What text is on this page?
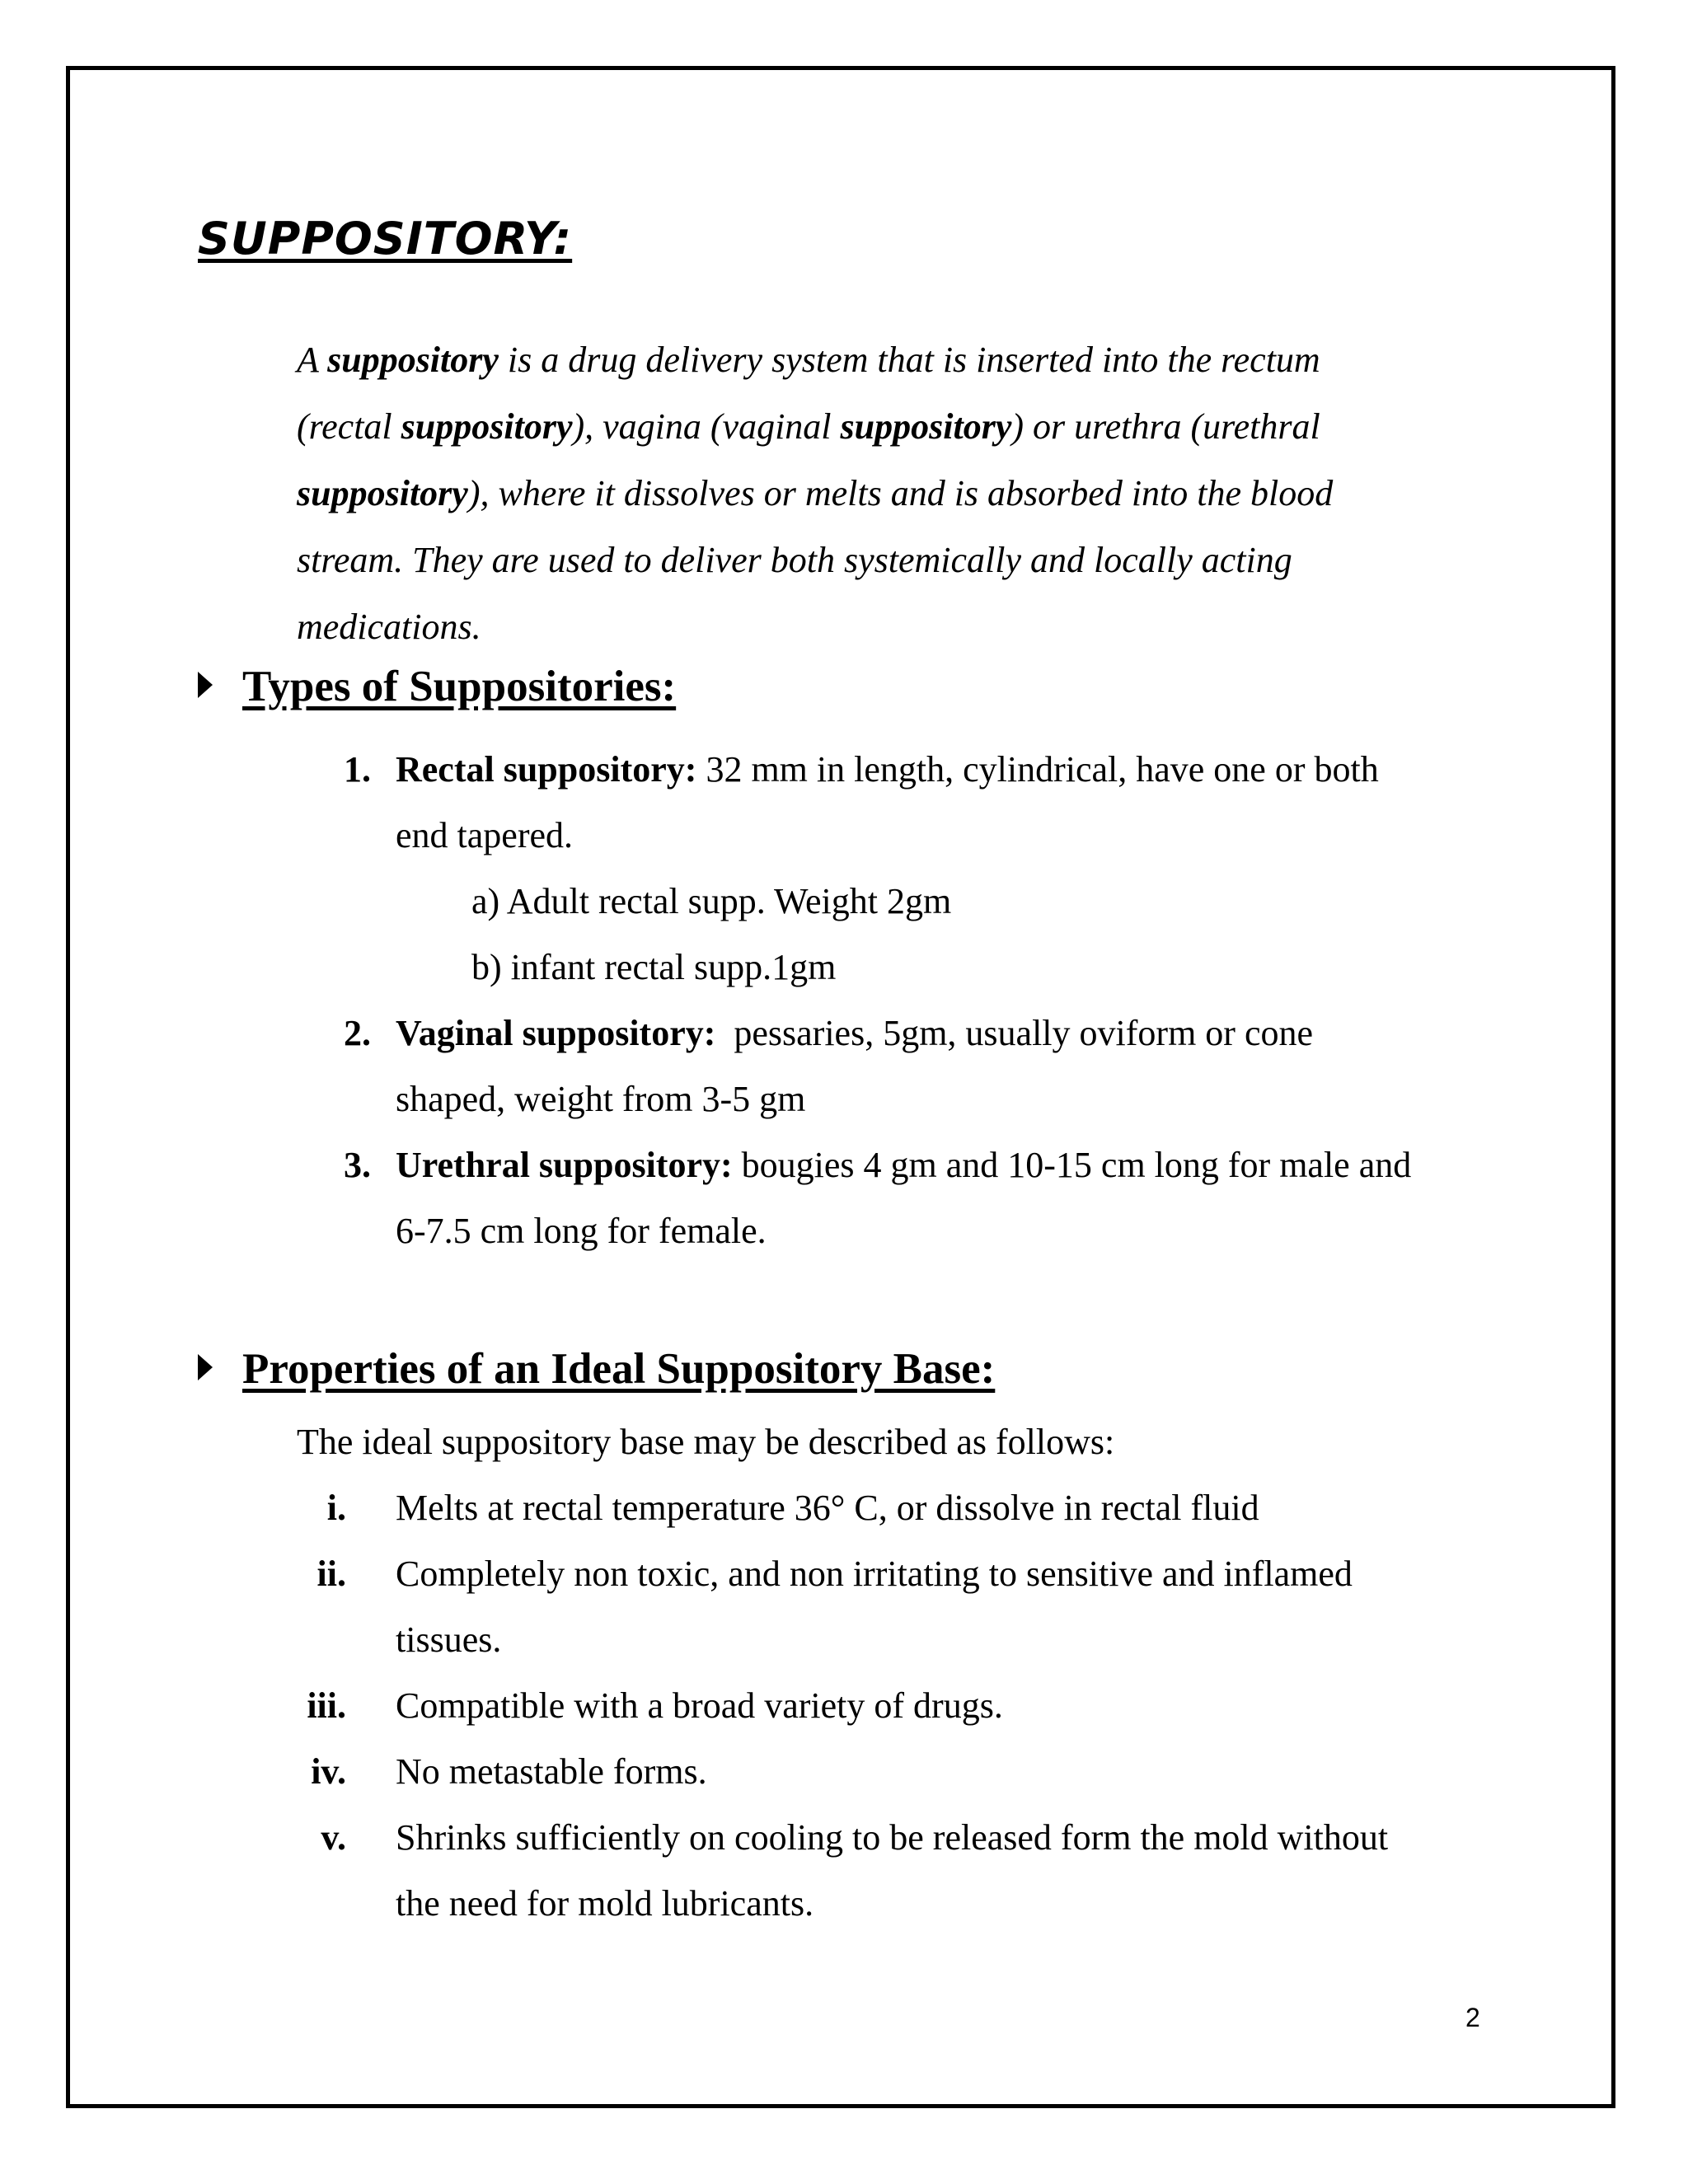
SUPPOSITORY:
A suppository is a drug delivery system that is inserted into the rectum
(rectal suppository), vagina (vaginal suppository) or urethra (urethral
suppository), where it dissolves or melts and is absorbed into the blood
stream. They are used to deliver both systemically and locally acting
medications.
Types of Suppositories:
1. Rectal suppository: 32 mm in length, cylindrical, have one or both

end tapered.

a) Adult rectal supp. Weight 2gm

b) infant rectal supp.1gm

2. Vaginal suppository:  pessaries, 5gm, usually oviform or cone

shaped, weight from 3-5 gm

3. Urethral suppository: bougies 4 gm and 10-15 cm long for male and

6-7.5 cm long for female.

Properties of an Ideal Suppository Base:

The ideal suppository base may be described as follows:

i. Melts at rectal temperature 36° C, or dissolve in rectal fluid

ii. Completely non toxic, and non irritating to sensitive and inflamed

tissues.

iii. Compatible with a broad variety of drugs.

iv. No metastable forms.

v. Shrinks sufficiently on cooling to be released form the mold without

the need for mold lubricants.

2
